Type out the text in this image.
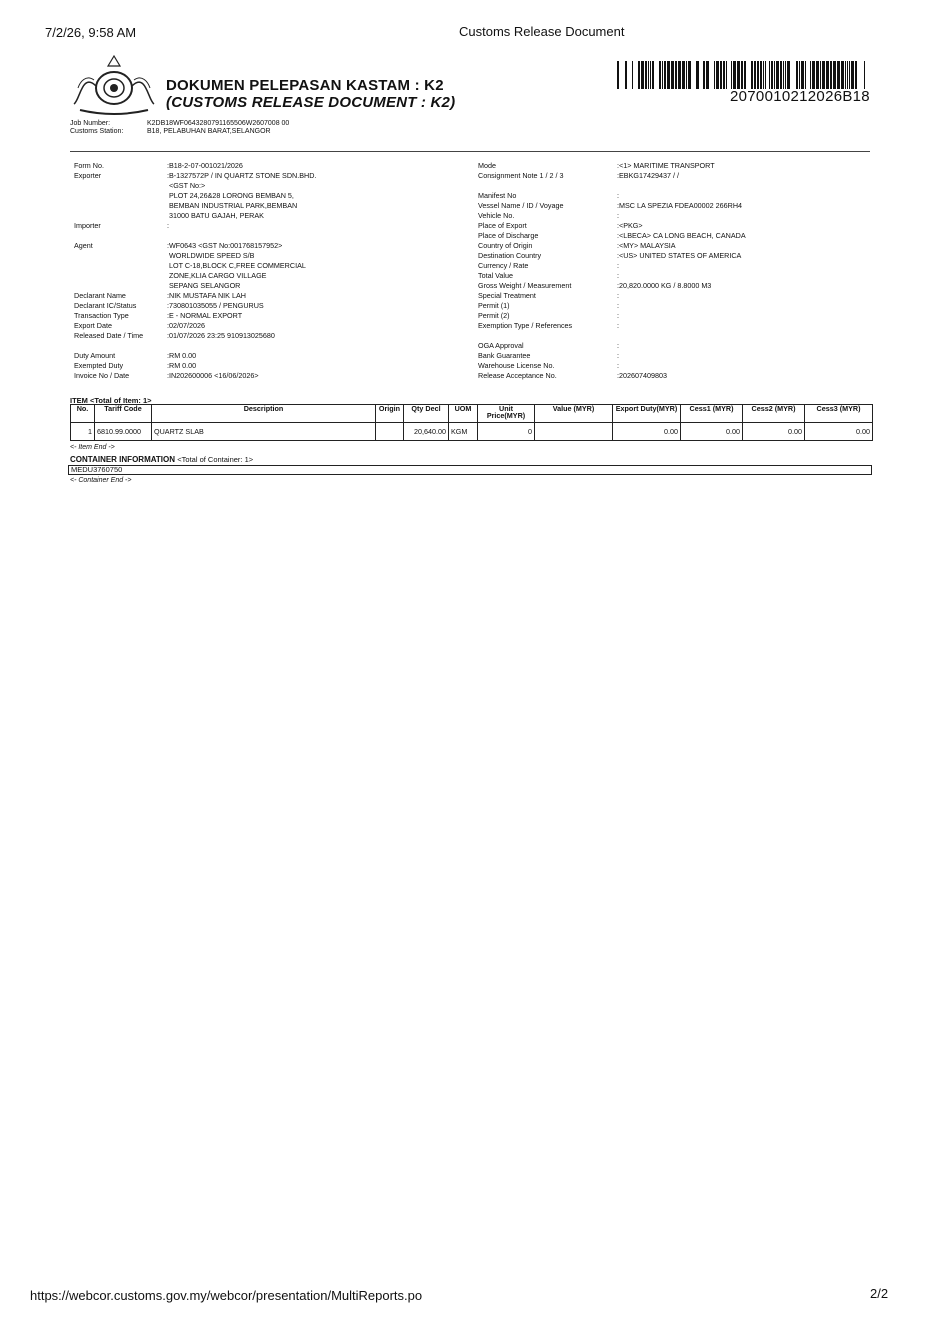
7/2/26, 9:58 AM	Customs Release Document
DOKUMEN PELEPASAN KASTAM : K2
(CUSTOMS RELEASE DOCUMENT : K2)	2070010212026B18
Job Number:	K2DB18WF0643280791165506W2607008 00
Customs Station:	B18, PELABUHAN BARAT,SELANGOR
Form No.	:B18-2-07-001021/2026
Exporter	:B-1327572P / IN QUARTZ STONE SDN.BHD.
<GST No:>
PLOT 24,26&28 LORONG BEMBAN 5,
BEMBAN INDUSTRIAL PARK,BEMBAN
31000 BATU GAJAH, PERAK
Importer	:

Agent	:WF0643 <GST No:001768157952>
WORLDWIDE SPEED S/B
LOT C-18,BLOCK C,FREE COMMERCIAL
ZONE,KLIA CARGO VILLAGE
SEPANG SELANGOR
Declarant Name	:NIK MUSTAFA NIK LAH
Declarant IC/Status	:730801035055 / PENGURUS
Transaction Type	:E - NORMAL EXPORT
Export Date	:02/07/2026
Released Date / Time	:01/07/2026 23:25 910913025680
Duty Amount	:RM 0.00
Exempted Duty	:RM 0.00
Invoice No / Date	:IN202600006 <16/06/2026>
Mode	:<1> MARITIME TRANSPORT
Consignment Note 1 / 2 / 3	:EBKG17429437 / /
Manifest No	:
Vessel Name / ID / Voyage	:MSC LA SPEZIA FDEA00002 266RH4
Vehicle No.	:
Place of Export	:<PKG>
Place of Discharge	:<LBECA> CA LONG BEACH, CANADA
Country of Origin	:<MY> MALAYSIA
Destination Country	:<US> UNITED STATES OF AMERICA
Currency / Rate	:
Total Value	:
Gross Weight / Measurement	:20,820.0000 KG / 8.8000 M3
Special Treatment	:
Permit (1)	:
Permit (2)	:
Exemption Type / References	:
OGA Approval	:
Bank Guarantee	:
Warehouse License No.	:
Release Acceptance No.	:202607409803
ITEM <Total of Item: 1>
No.	Tariff Code	Description	Origin	Qty Decl	UOM	Unit Price(MYR)	Value (MYR)	Export Duty(MYR)	Cess1 (MYR)	Cess2 (MYR)	Cess3 (MYR)
1	6810.99.0000	QUARTZ SLAB		20,640.00	KGM	0		0.00	0.00	0.00	0.00
<- Item End ->
CONTAINER INFORMATION <Total of Container: 1>
MEDU3760750
<- Container End ->
https://webcor.customs.gov.my/webcor/presentation/MultiReports.po	2/2
